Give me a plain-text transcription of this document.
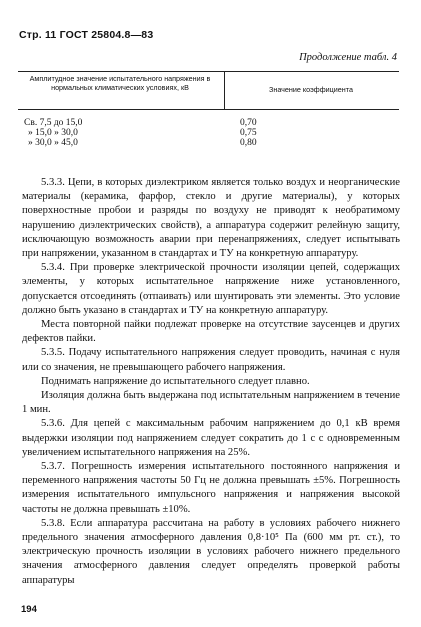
Стр. 11 ГОСТ 25804.8—83
Продолжение табл. 4
Амплитудное значение испытательного напряжения в нормальных климатических условиях, кВ	Значение коэффициента
Св. 7,5 до 15,0	0,70
» 15,0 » 30,0	0,75
» 30,0 » 45,0	0,80

5.3.3. Цепи, в которых диэлектриком является только воздух и неорганические материалы (керамика, фарфор, стекло и другие материалы), у которых поверхностные пробои и разряды по воздуху не приводят к необратимому нарушению диэлектрических свойств), а аппаратура содержит релейную защиту, исключающую возможность аварии при перенапряжениях, следует испытывать при напряжении, указанном в стандартах и ТУ на конкретную аппаратуру.

5.3.4. При проверке электрической прочности изоляции цепей, содержащих элементы, у которых испытательное напряжение ниже установленного, допускается отсоединять (отпаивать) или шунтировать эти элементы. Это условие должно быть указано в стандартах и ТУ на конкретную аппаратуру.

Места повторной пайки подлежат проверке на отсутствие заусенцев и других дефектов пайки.

5.3.5. Подачу испытательного напряжения следует проводить, начиная с нуля или со значения, не превышающего рабочего напряжения.

Поднимать напряжение до испытательного следует плавно.

Изоляция должна быть выдержана под испытательным напряжением в течение 1 мин.

5.3.6. Для цепей с максимальным рабочим напряжением до 0,1 кВ время выдержки изоляции под напряжением следует сократить до 1 с с одновременным увеличением испытательного напряжения на 25%.

5.3.7. Погрешность измерения испытательного постоянного напряжения и переменного напряжения частоты 50 Гц не должна превышать ±5%. Погрешность измерения испытательного импульсного напряжения и напряжения высокой частоты не должна превышать ±10%.

5.3.8. Если аппаратура рассчитана на работу в условиях рабочего нижнего предельного значения атмосферного давления 0,8·10⁵ Па (600 мм рт. ст.), то электрическую прочность изоляции в условиях рабочего нижнего предельного значения атмосферного давления следует определять проверкой работы аппаратуры

194
